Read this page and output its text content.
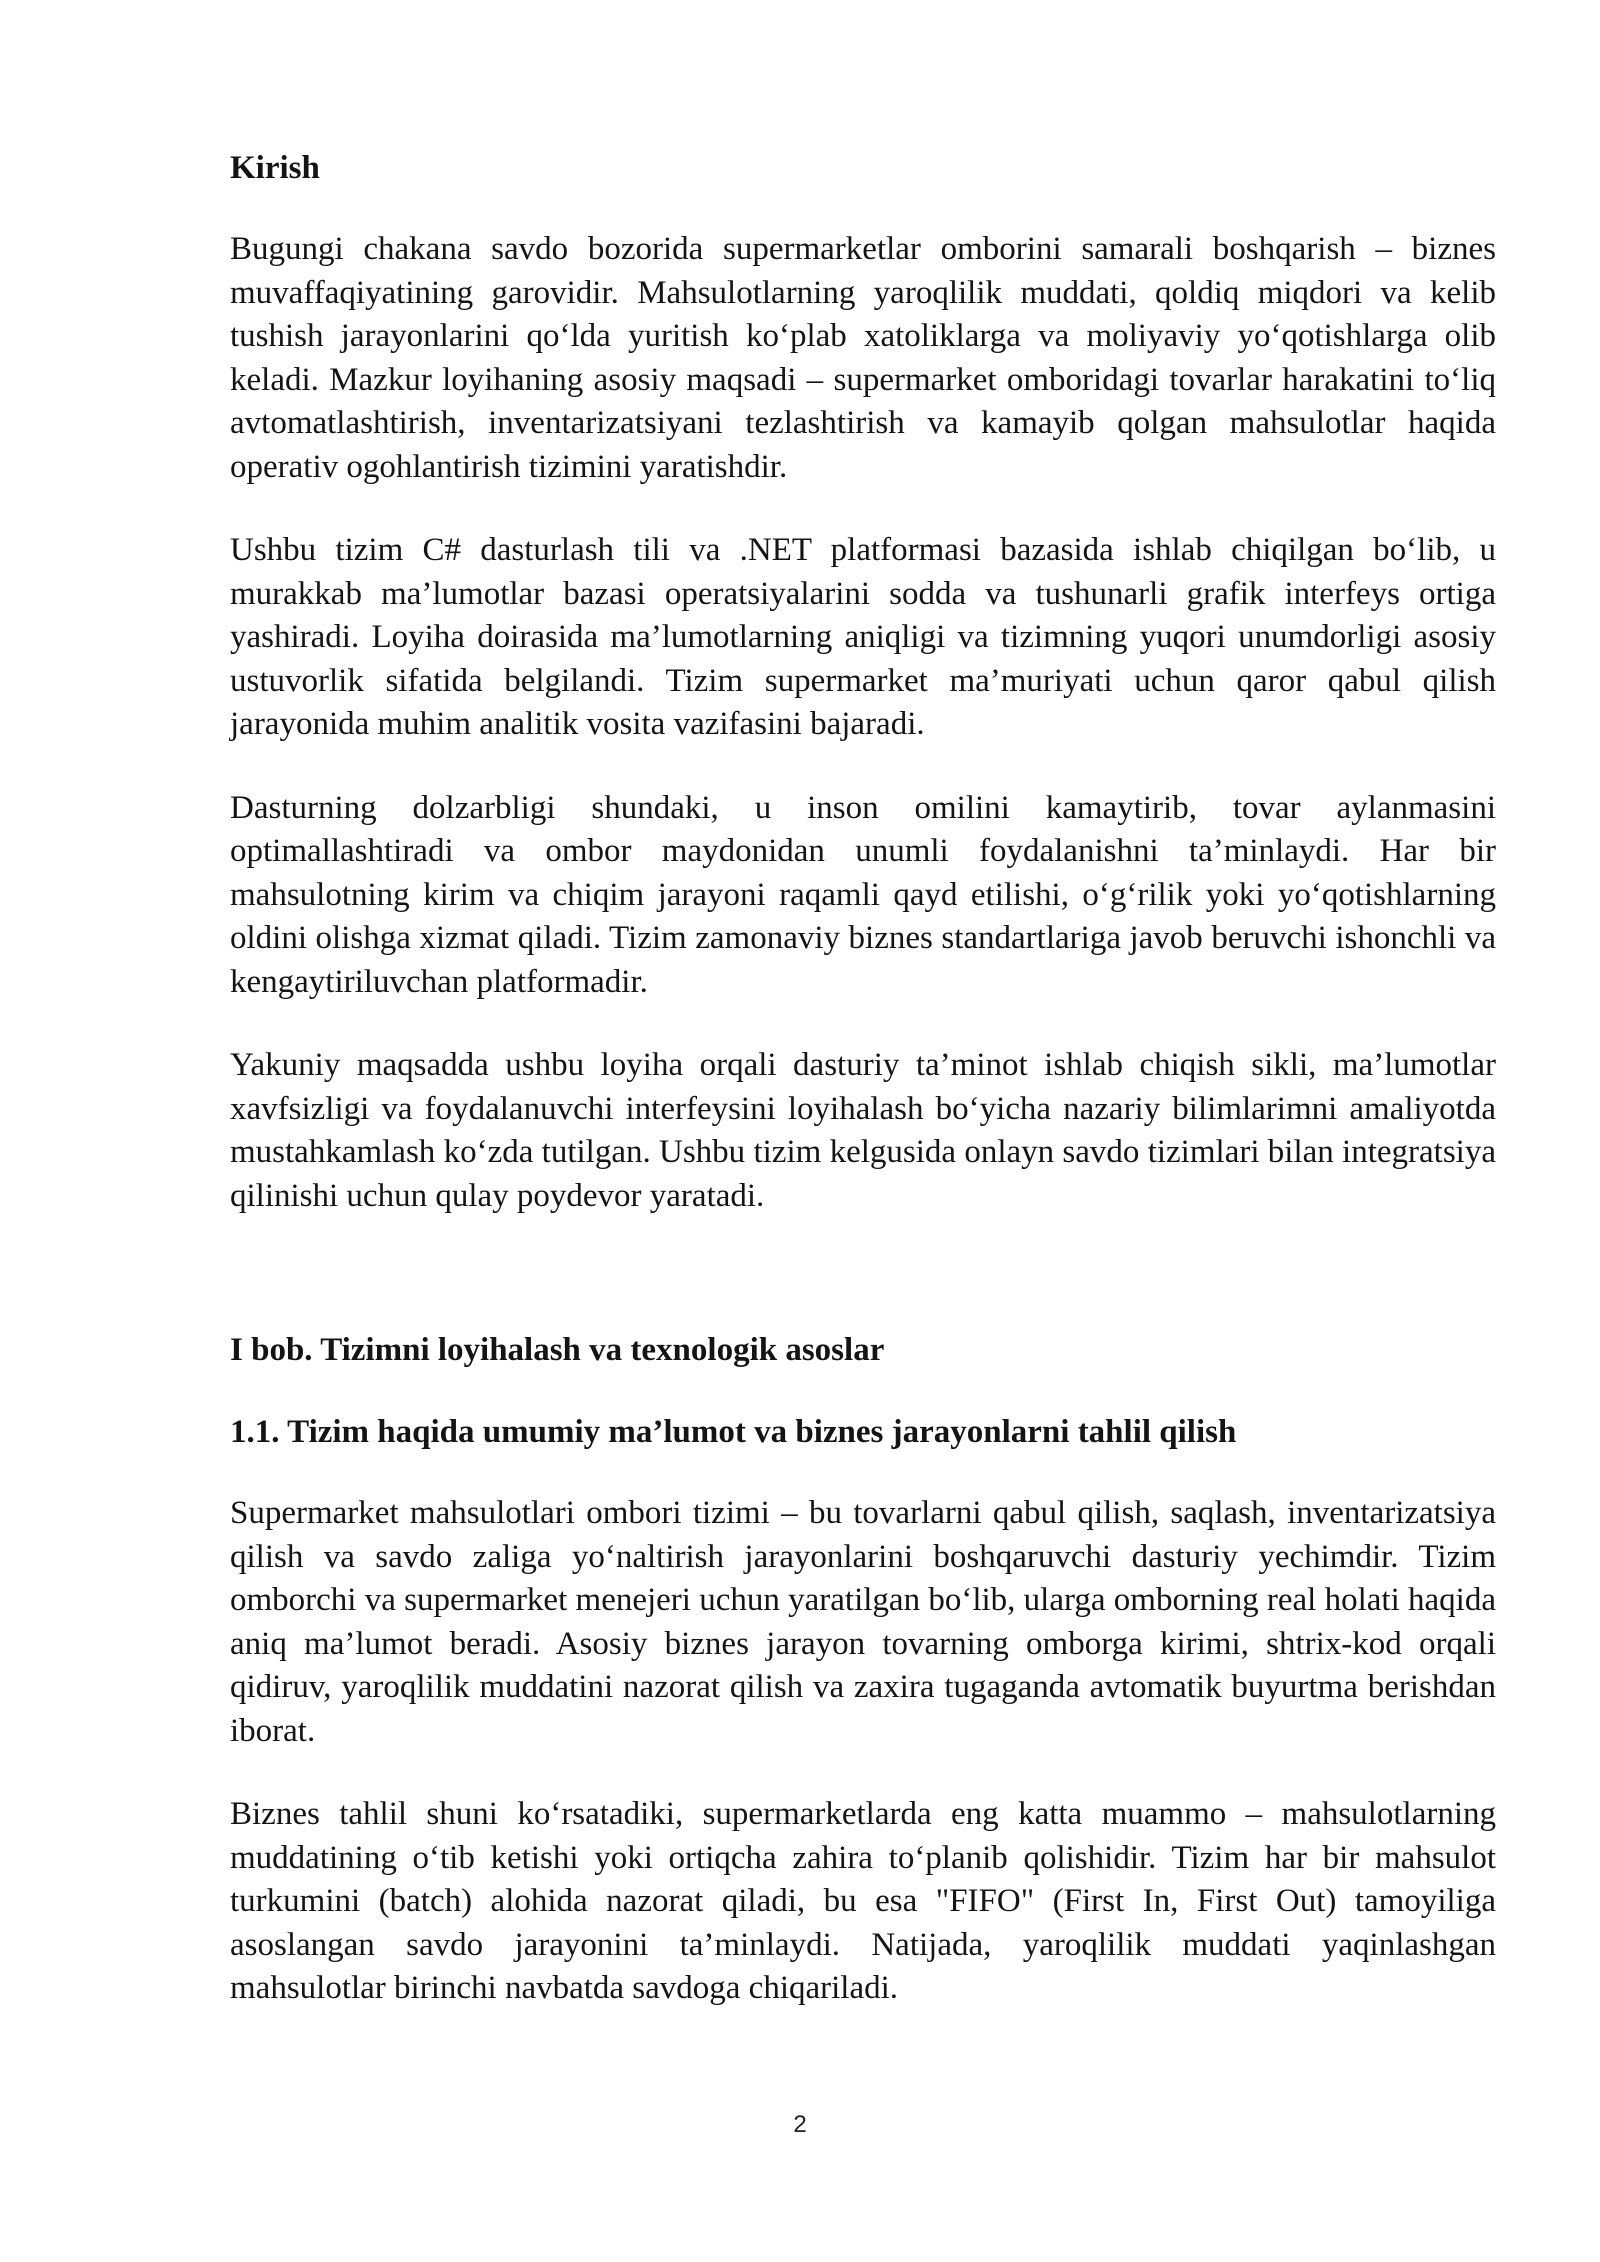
Kirish

Bugungi chakana savdo bozorida supermarketlar omborini samarali boshqarish – biznes muvaffaqiyatining garovidir. Mahsulotlarning yaroqlilik muddati, qoldiq miqdori va kelib tushish jarayonlarini qo‘lda yuritish ko‘plab xatoliklarga va moliyaviy yo‘qotishlarga olib keladi. Mazkur loyihaning asosiy maqsadi – supermarket omboridagi tovarlar harakatini to‘liq avtomatlashtirish, inventarizatsiyani tezlashtirish va kamayib qolgan mahsulotlar haqida operativ ogohlantirish tizimini yaratishdir.

Ushbu tizim C# dasturlash tili va .NET platformasi bazasida ishlab chiqilgan bo‘lib, u murakkab ma’lumotlar bazasi operatsiyalarini sodda va tushunarli grafik interfeys ortiga yashiradi. Loyiha doirasida ma’lumotlarning aniqligi va tizimning yuqori unumdorligi asosiy ustuvorlik sifatida belgilandi. Tizim supermarket ma’muriyati uchun qaror qabul qilish jarayonida muhim analitik vosita vazifasini bajaradi.

Dasturning dolzarbligi shundaki, u inson omilini kamaytirib, tovar aylanmasini optimallashtiradi va ombor maydonidan unumli foydalanishni ta’minlaydi. Har bir mahsulotning kirim va chiqim jarayoni raqamli qayd etilishi, o‘g‘rilik yoki yo‘qotishlarning oldini olishga xizmat qiladi. Tizim zamonaviy biznes standartlariga javob beruvchi ishonchli va kengaytiriluvchan platformadir.

Yakuniy maqsadda ushbu loyiha orqali dasturiy ta’minot ishlab chiqish sikli, ma’lumotlar xavfsizligi va foydalanuvchi interfeysini loyihalash bo‘yicha nazariy bilimlarimni amaliyotda mustahkamlash ko‘zda tutilgan. Ushbu tizim kelgusida onlayn savdo tizimlari bilan integratsiya qilinishi uchun qulay poydevor yaratadi.

I bob. Tizimni loyihalash va texnologik asoslar
1.1. Tizim haqida umumiy ma’lumot va biznes jarayonlarni tahlil qilish

Supermarket mahsulotlari ombori tizimi – bu tovarlarni qabul qilish, saqlash, inventarizatsiya qilish va savdo zaliga yo‘naltirish jarayonlarini boshqaruvchi dasturiy yechimdir. Tizim omborchi va supermarket menejeri uchun yaratilgan bo‘lib, ularga omborning real holati haqida aniq ma’lumot beradi. Asosiy biznes jarayon tovarning omborga kirimi, shtrix-kod orqali qidiruv, yaroqlilik muddatini nazorat qilish va zaxira tugaganda avtomatik buyurtma berishdan iborat.

Biznes tahlil shuni ko‘rsatadiki, supermarketlarda eng katta muammo – mahsulotlarning muddatining o‘tib ketishi yoki ortiqcha zahira to‘planib qolishidir. Tizim har bir mahsulot turkumini (batch) alohida nazorat qiladi, bu esa "FIFO" (First In, First Out) tamoyiliga asoslangan savdo jarayonini ta’minlaydi. Natijada, yaroqlilik muddati yaqinlashgan mahsulotlar birinchi navbatda savdoga chiqariladi.

2
